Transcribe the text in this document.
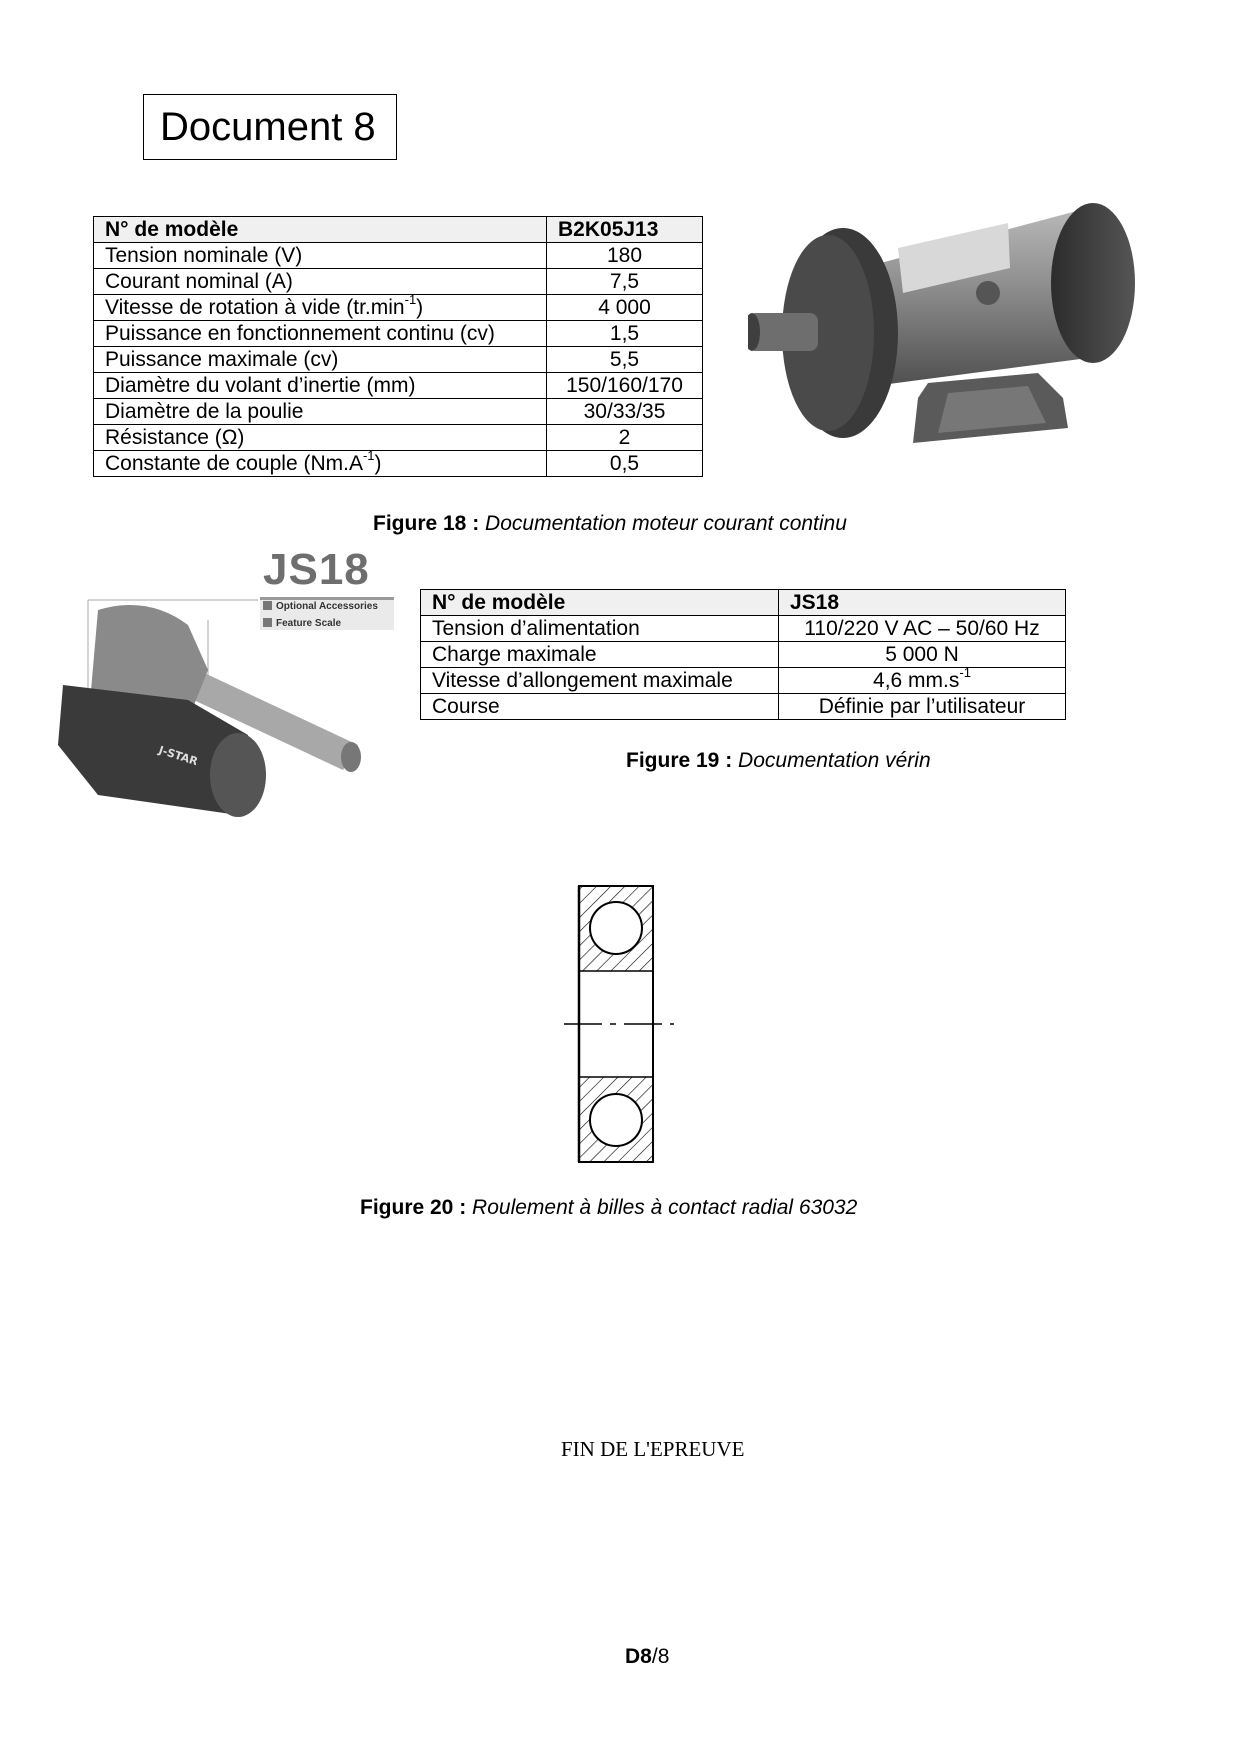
Document 8
N° de modèle	B2K05J13
Tension nominale (V)	180
Courant nominal (A)	7,5
Vitesse de rotation à vide $(tr.\min^{-1})$	4 000
Puissance en fonctionnement continu (cv)	1,5
Puissance maximale (cv)	5,5
Diamètre du volant d’inertie (mm)	150/160/170
Diamètre de la poulie	30/33/35
Résistance (Ω)	2
Constante de couple $(Nm.A^{-1})$	0,5
Figure 18 : Documentation moteur courant continu
JS18
Optional Accessories
Feature Scale
J-STAR
N° de modèle	JS18
Tension d’alimentation	110/220 V AC – 50/60 Hz
Charge maximale	5 000 N
Vitesse d’allongement maximale	4,6 $mm.s^{-1}$
Course	Définie par l’utilisateur
Figure 19 : Documentation vérin
Figure 20 : Roulement à billes à contact radial 63032
FIN DE L'EPREUVE
D8/8
